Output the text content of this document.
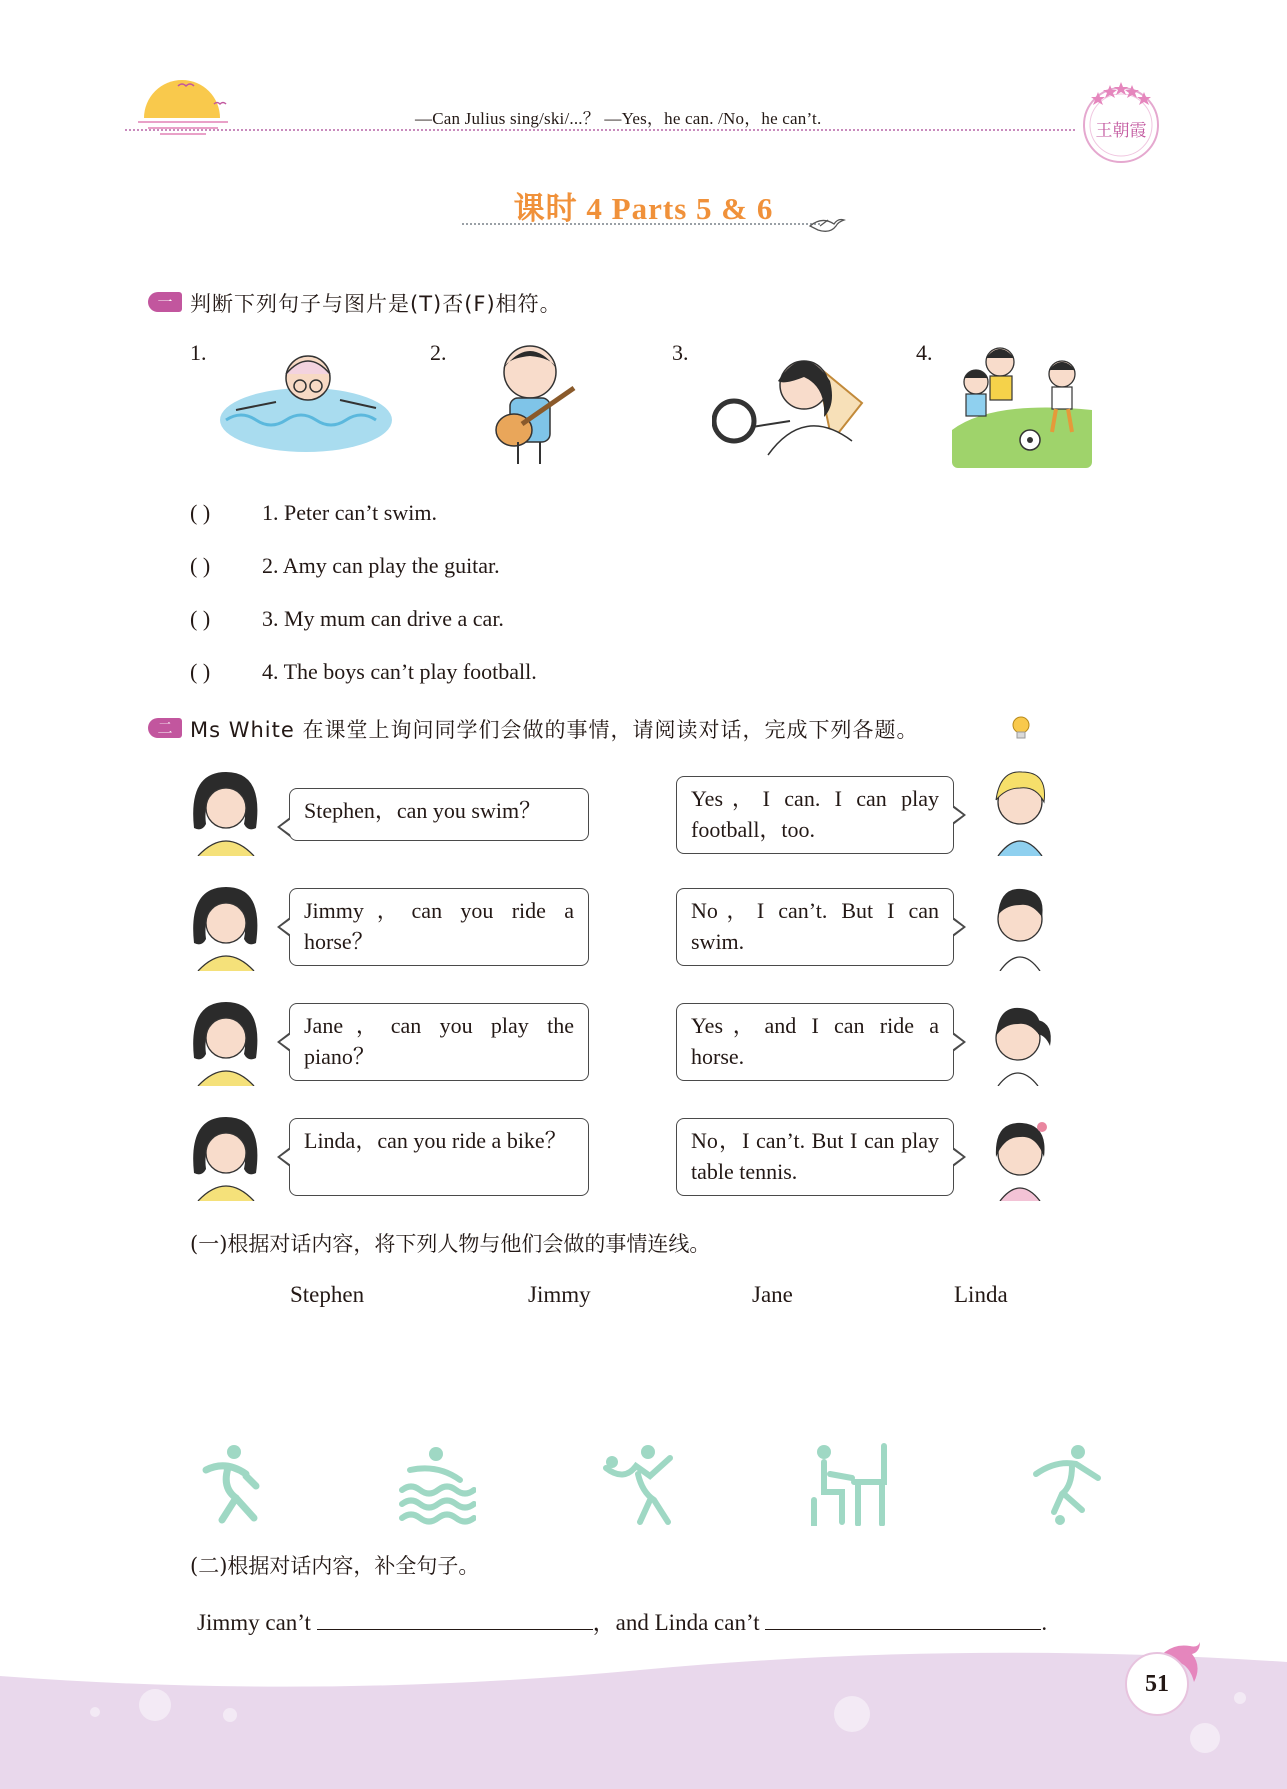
—Can Julius sing/ski/...？ —Yes，he can. /No，he can’t.
王朝霞
课时 4 Parts 5 & 6
一 判断下列句子与图片是(T)否(F)相符。
1.	2.	3.	4.
( ) 1. Peter can’t swim.
( ) 2. Amy can play the guitar.
( ) 3. My mum can drive a car.
( ) 4. The boys can’t play football.
二 Ms White 在课堂上询问同学们会做的事情，请阅读对话，完成下列各题。
Stephen，can you swim？
Jimmy，can you ride a horse？
Jane，can you play the piano？
Linda，can you ride a bike？
Yes，I can. I can play football，too.
No，I can’t. But I can swim.
Yes，and I can ride a horse.
No，I can’t. But I can play table tennis.
(一)根据对话内容，将下列人物与他们会做的事情连线。
Stephen	Jimmy	Jane	Linda
(二)根据对话内容，补全句子。
Jimmy can’t	，and Linda can’t	.
51
